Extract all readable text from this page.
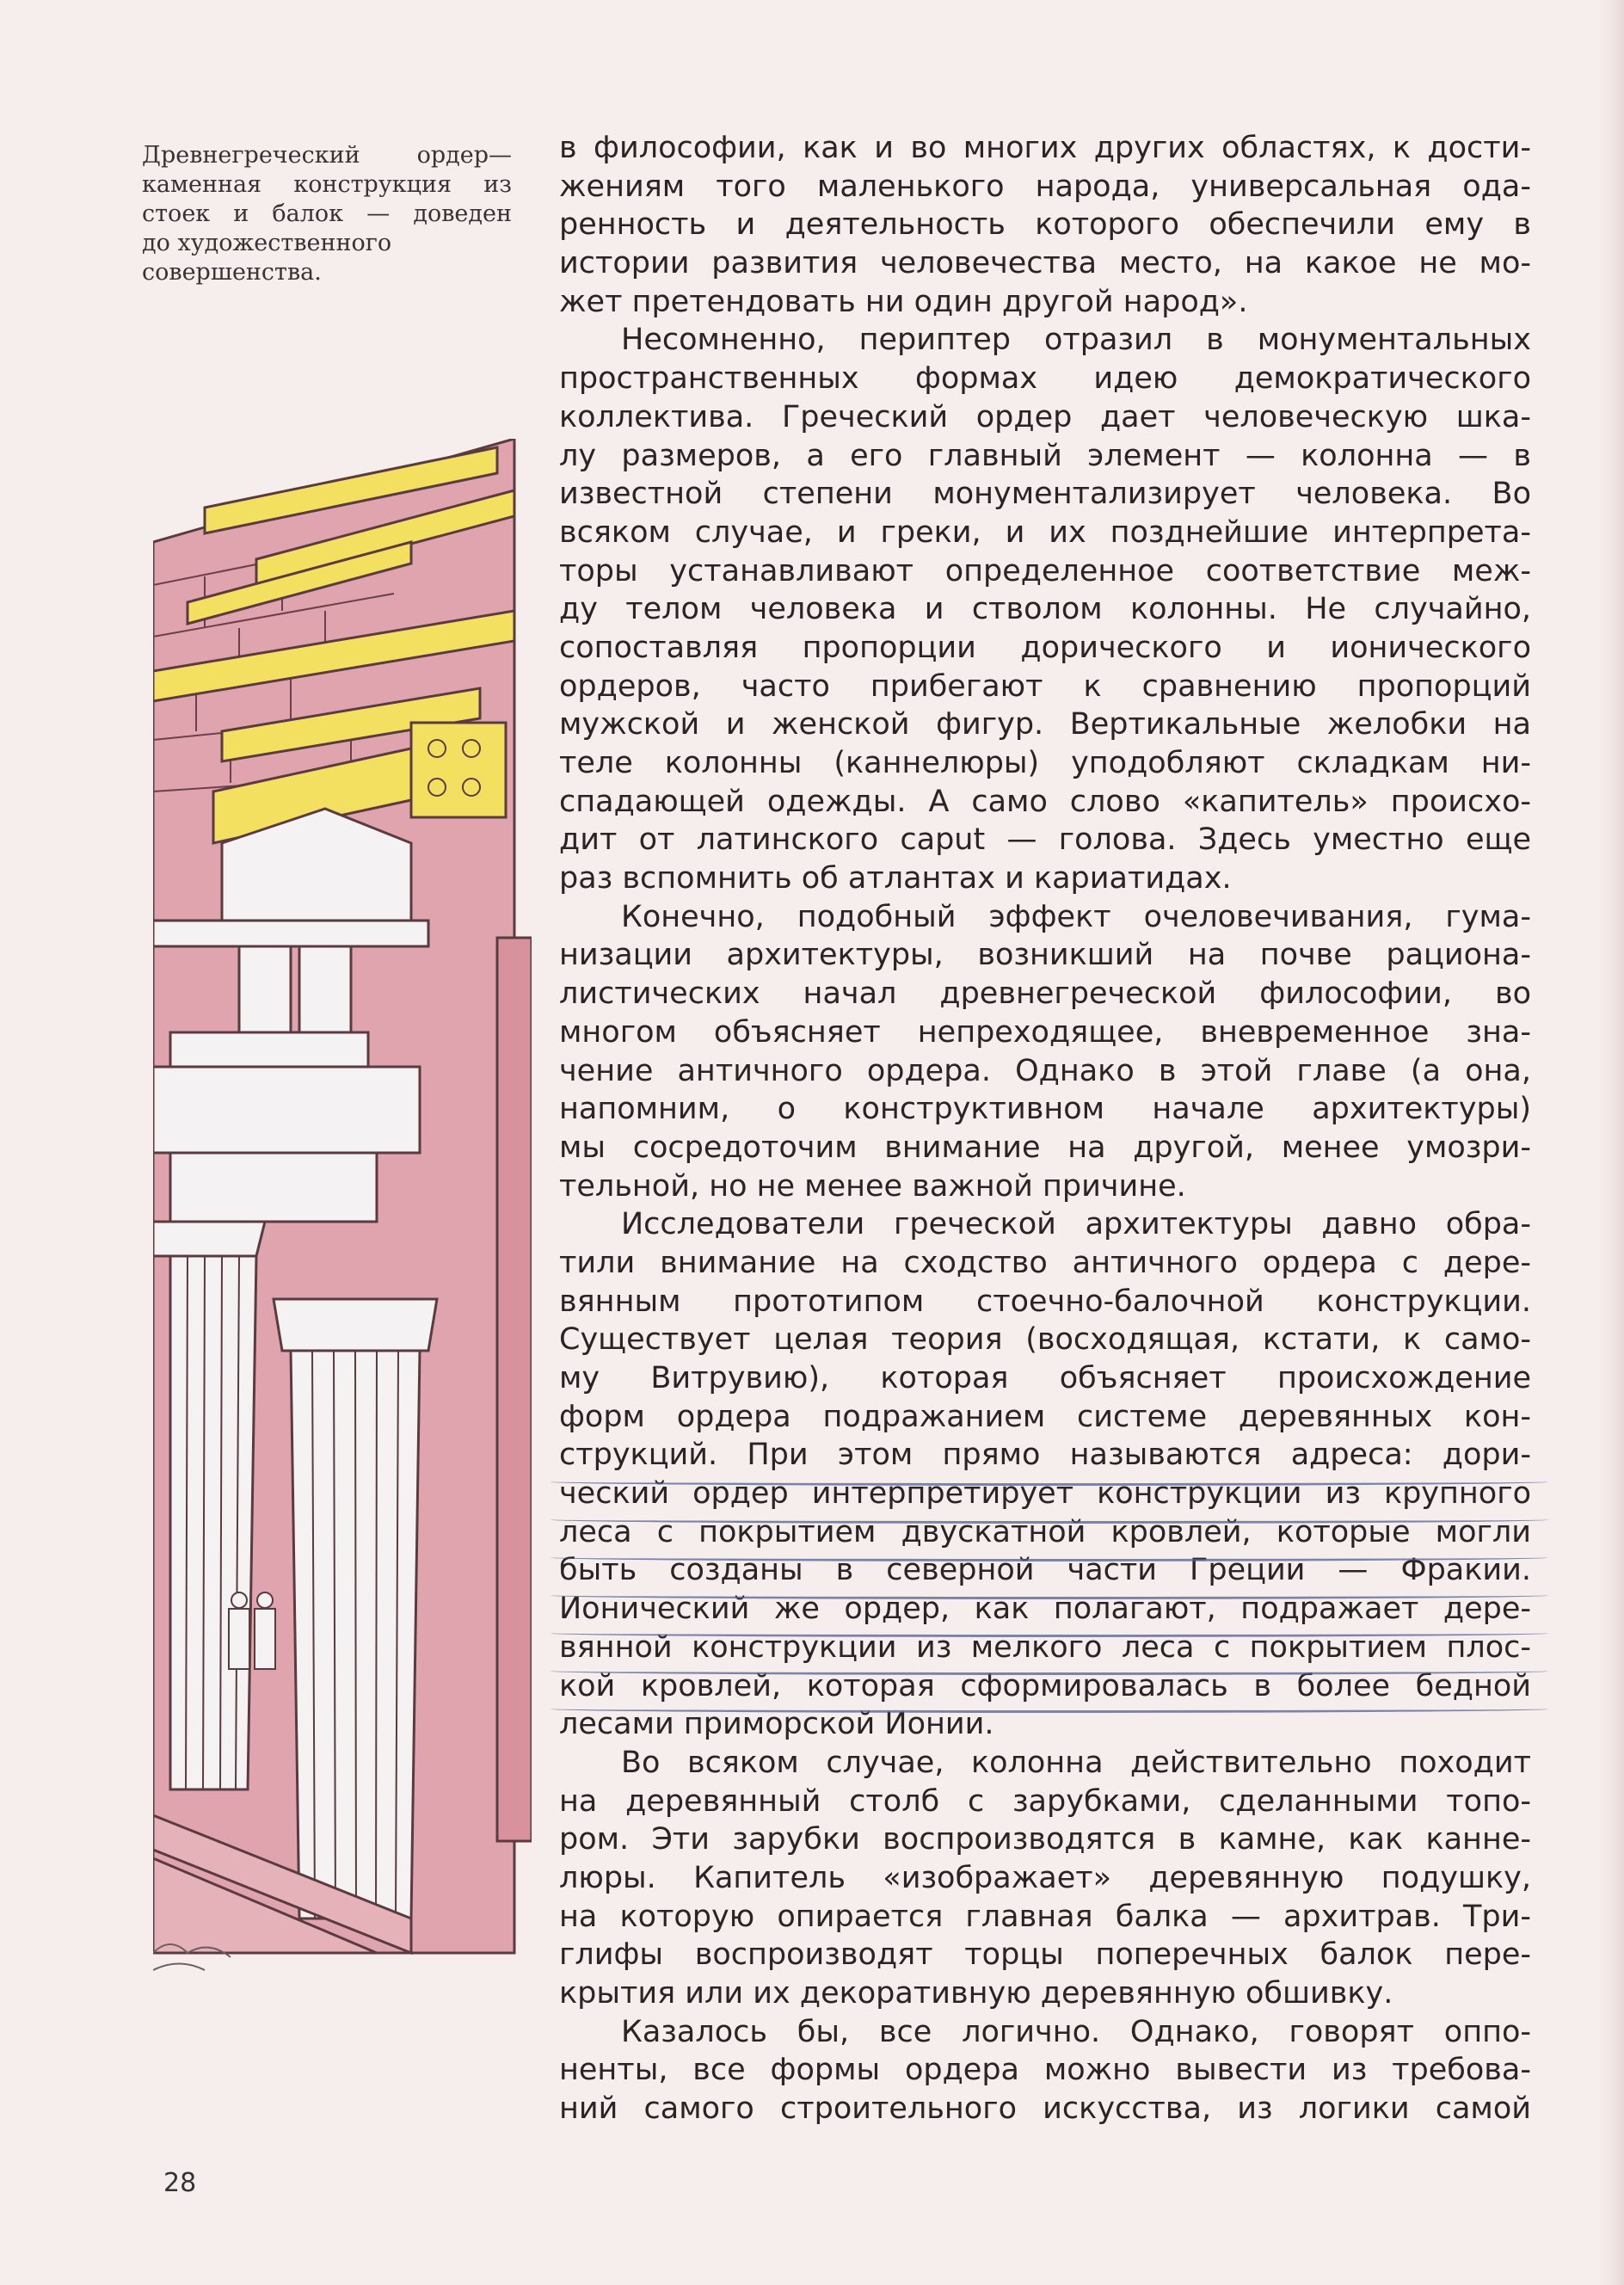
Древнегреческий ордер—
каменная конструкция из
стоек и балок — доведен
до художественного
совершенства.
в философии, как и во многих других областях, к дости-
жениям того маленького народа, универсальная ода-
ренность и деятельность которого обеспечили ему в
истории развития человечества место, на какое не мо-
жет претендовать ни один другой народ».
Несомненно, периптер отразил в монументальных
пространственных формах идею демократического
коллектива. Греческий ордер дает человеческую шка-
лу размеров, а его главный элемент — колонна — в
известной степени монументализирует человека. Во
всяком случае, и греки, и их позднейшие интерпрета-
торы устанавливают определенное соответствие меж-
ду телом человека и стволом колонны. Не случайно,
сопоставляя пропорции дорического и ионического
ордеров, часто прибегают к сравнению пропорций
мужской и женской фигур. Вертикальные желобки на
теле колонны (каннелюры) уподобляют складкам ни-
спадающей одежды. А само слово «капитель» происхо-
дит от латинского caput — голова. Здесь уместно еще
раз вспомнить об атлантах и кариатидах.
Конечно, подобный эффект очеловечивания, гума-
низации архитектуры, возникший на почве рациона-
листических начал древнегреческой философии, во
многом объясняет непреходящее, вневременное зна-
чение античного ордера. Однако в этой главе (а она,
напомним, о конструктивном начале архитектуры)
мы сосредоточим внимание на другой, менее умозри-
тельной, но не менее важной причине.
Исследователи греческой архитектуры давно обра-
тили внимание на сходство античного ордера с дере-
вянным прототипом стоечно-балочной конструкции.
Существует целая теория (восходящая, кстати, к само-
му Витрувию), которая объясняет происхождение
форм ордера подражанием системе деревянных кон-
струкций. При этом прямо называются адреса: дори-
ческий ордер интерпретирует конструкции из крупного
леса с покрытием двускатной кровлей, которые могли
быть созданы в северной части Греции — Фракии.
Ионический же ордер, как полагают, подражает дере-
вянной конструкции из мелкого леса с покрытием плос-
кой кровлей, которая сформировалась в более бедной
лесами приморской Ионии.
Во всяком случае, колонна действительно походит
на деревянный столб с зарубками, сделанными топо-
ром. Эти зарубки воспроизводятся в камне, как канне-
люры. Капитель «изображает» деревянную подушку,
на которую опирается главная балка — архитрав. Три-
глифы воспроизводят торцы поперечных балок пере-
крытия или их декоративную деревянную обшивку.
Казалось бы, все логично. Однако, говорят оппо-
ненты, все формы ордера можно вывести из требова-
ний самого строительного искусства, из логики самой
28
